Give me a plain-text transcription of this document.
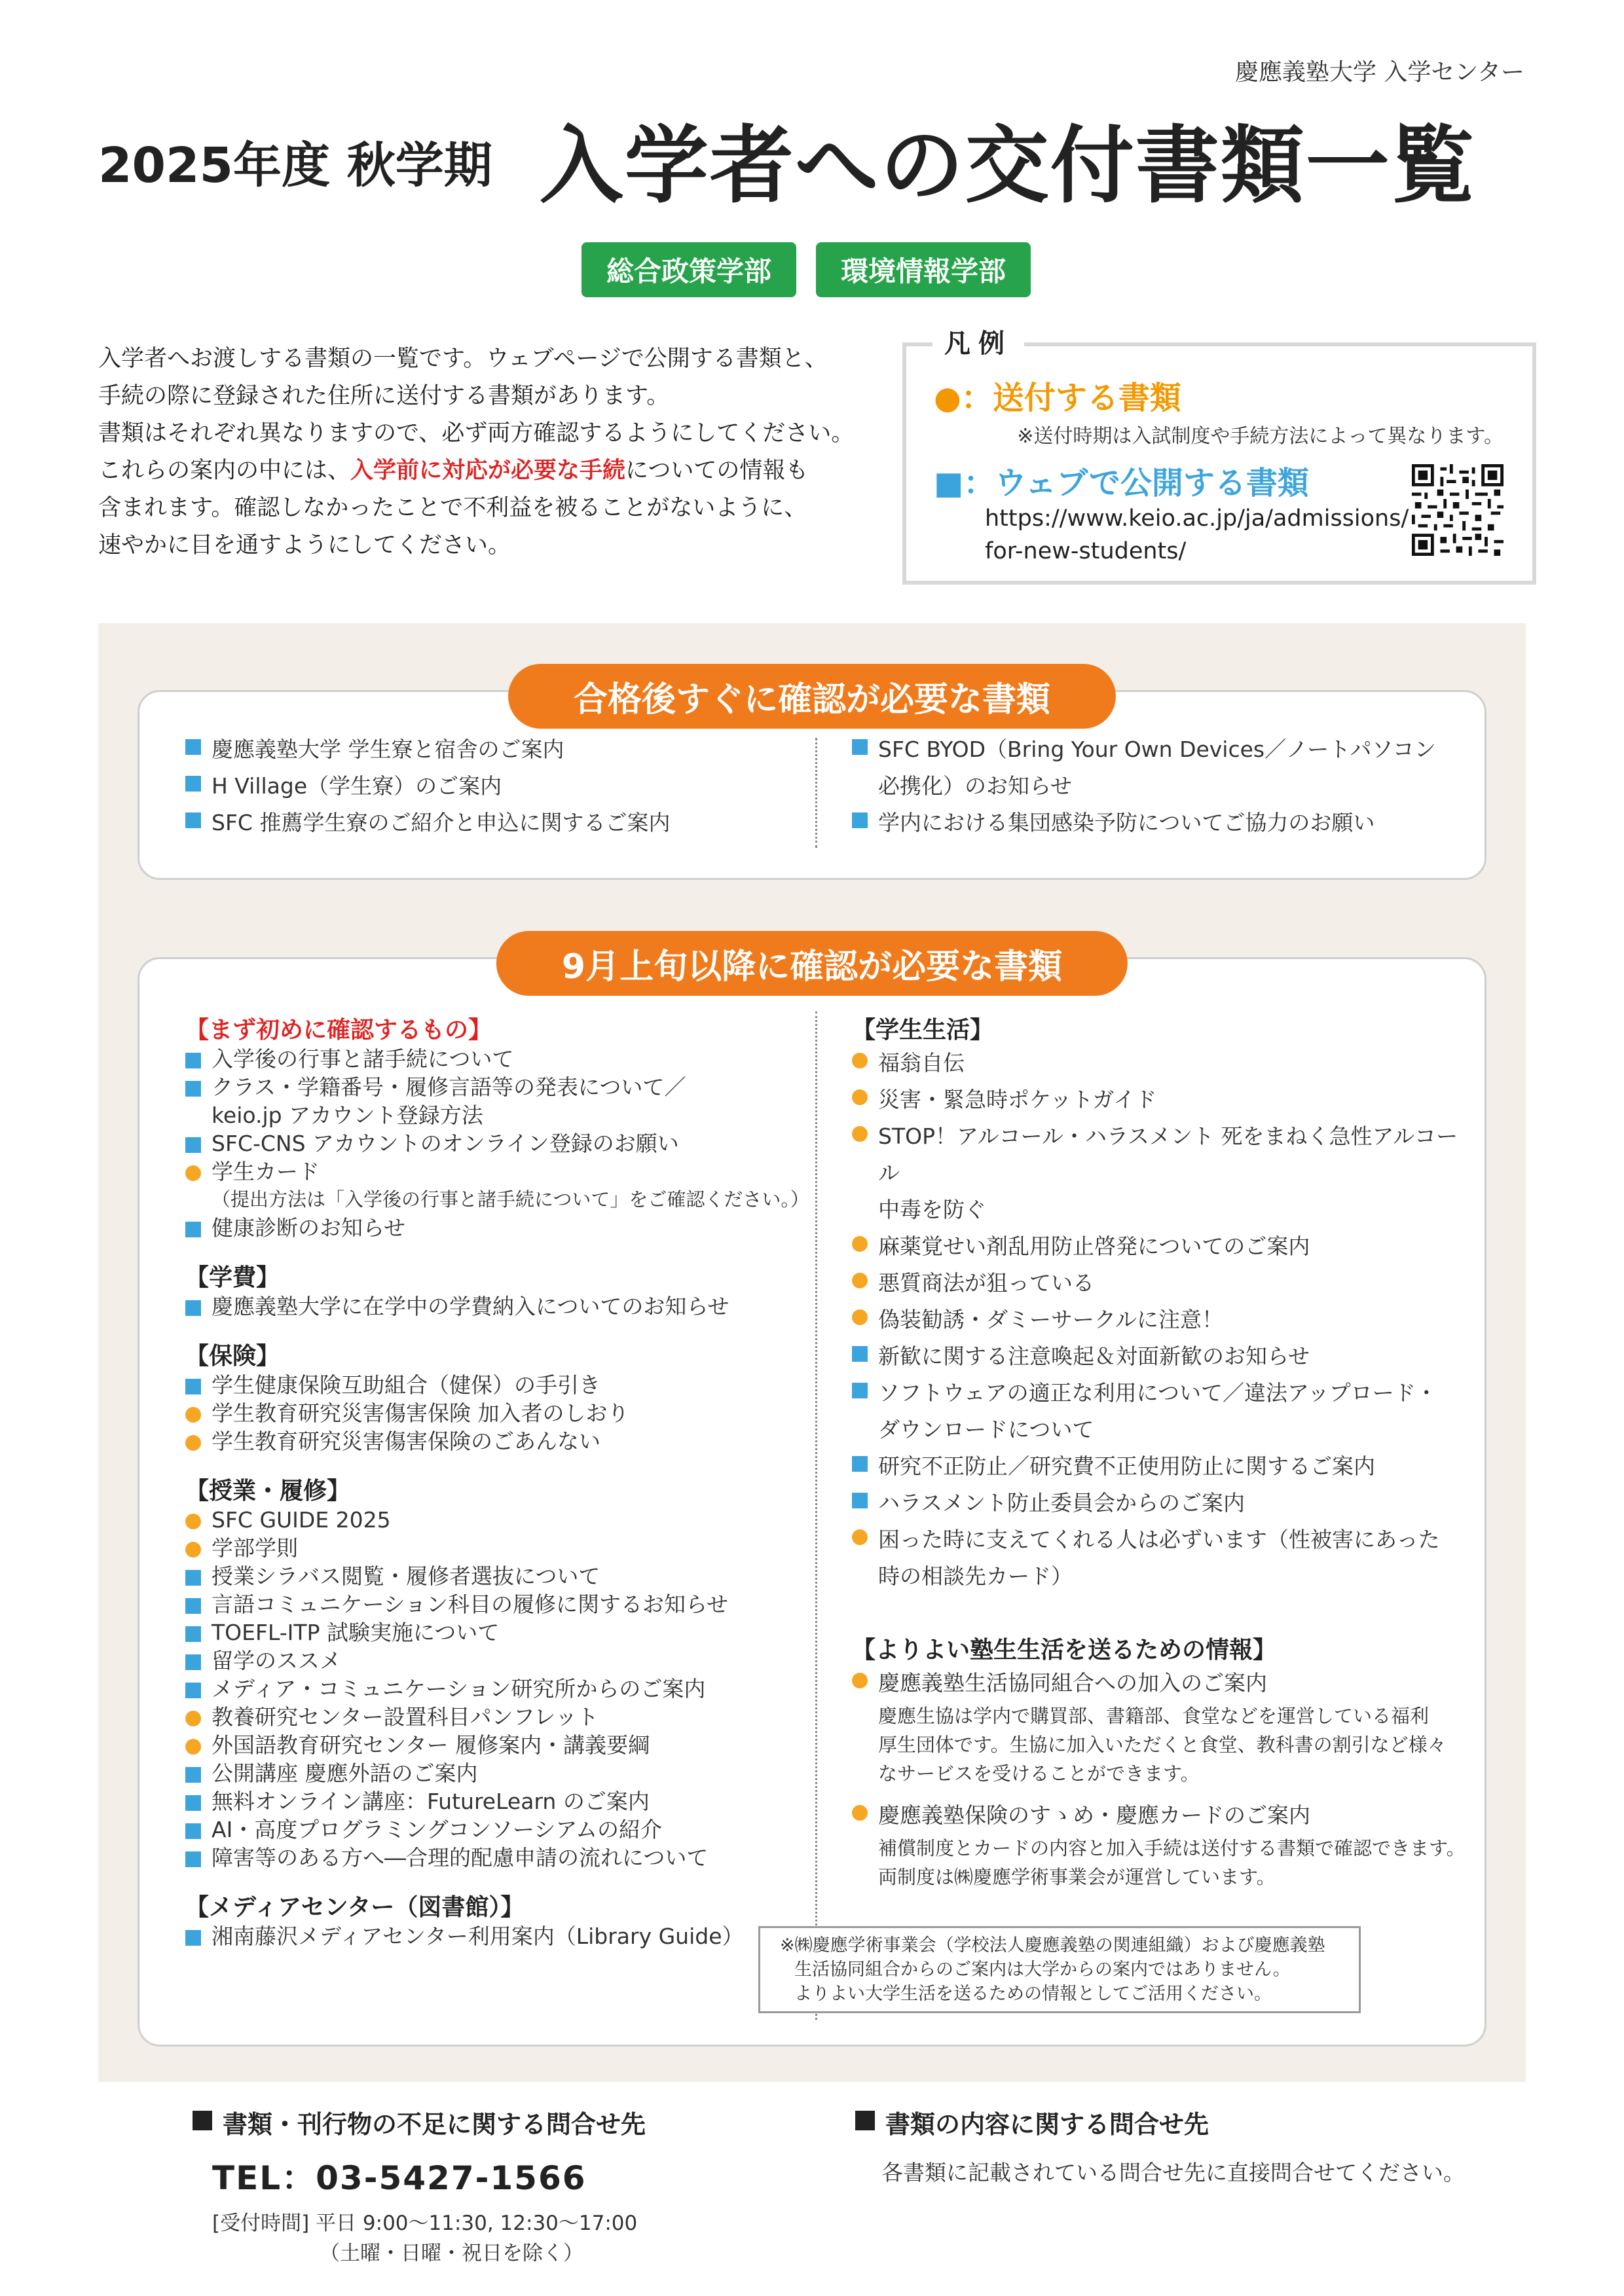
慶應義塾大学 入学センター
2025年度 秋学期 入学者への交付書類一覧
総合政策学部	環境情報学部
入学者へお渡しする書類の一覧です。ウェブページで公開する書類と、
手続の際に登録された住所に送付する書類があります。
書類はそれぞれ異なりますので、必ず両方確認するようにしてください。
これらの案内の中には、入学前に対応が必要な手続についての情報も
含まれます。確認しなかったことで不利益を被ることがないように、
速やかに目を通すようにしてください。
凡例
●：送付する書類
※送付時期は入試制度や手続方法によって異なります。
■：ウェブで公開する書類
https://www.keio.ac.jp/ja/admissions/
for-new-students/
慶應義塾大学 学生寮と宿舎のご案内
H Village（学生寮）のご案内
SFC 推薦学生寮のご紹介と申込に関するご案内
SFC BYOD（Bring Your Own Devices／ノートパソコン
必携化）のお知らせ
学内における集団感染予防についてご協力のお願い
合格後すぐに確認が必要な書類
【まず初めに確認するもの】
入学後の行事と諸手続について
クラス・学籍番号・履修言語等の発表について／
keio.jp アカウント登録方法
SFC-CNS アカウントのオンライン登録のお願い
学生カード
（提出方法は「入学後の行事と諸手続について」をご確認ください。）
健康診断のお知らせ
【学費】
慶應義塾大学に在学中の学費納入についてのお知らせ
【保険】
学生健康保険互助組合（健保）の手引き
学生教育研究災害傷害保険 加入者のしおり
学生教育研究災害傷害保険のごあんない
【授業・履修】
SFC GUIDE 2025
学部学則
授業シラバス閲覧・履修者選抜について
言語コミュニケーション科目の履修に関するお知らせ
TOEFL-ITP 試験実施について
留学のススメ
メディア・コミュニケーション研究所からのご案内
教養研究センター設置科目パンフレット
外国語教育研究センター 履修案内・講義要綱
公開講座 慶應外語のご案内
無料オンライン講座：FutureLearn のご案内
AI・高度プログラミングコンソーシアムの紹介
障害等のある方へ―合理的配慮申請の流れについて
【メディアセンター（図書館）】
湘南藤沢メディアセンター利用案内（Library Guide）
【学生生活】
福翁自伝
災害・緊急時ポケットガイド
STOP！アルコール・ハラスメント 死をまねく急性アルコール
中毒を防ぐ
麻薬覚せい剤乱用防止啓発についてのご案内
悪質商法が狙っている
偽装勧誘・ダミーサークルに注意！
新歓に関する注意喚起＆対面新歓のお知らせ
ソフトウェアの適正な利用について／違法アップロード・
ダウンロードについて
研究不正防止／研究費不正使用防止に関するご案内
ハラスメント防止委員会からのご案内
困った時に支えてくれる人は必ずいます（性被害にあった
時の相談先カード）
【よりよい塾生生活を送るための情報】
慶應義塾生活協同組合への加入のご案内
慶應生協は学内で購買部、書籍部、食堂などを運営している福利
厚生団体です。生協に加入いただくと食堂、教科書の割引など様々
なサービスを受けることができます。
慶應義塾保険のすゝめ・慶應カードのご案内
補償制度とカードの内容と加入手続は送付する書類で確認できます。
両制度は㈱慶應学術事業会が運営しています。
9月上旬以降に確認が必要な書類
※㈱慶應学術事業会（学校法人慶應義塾の関連組織）および慶應義塾
生活協同組合からのご案内は大学からの案内ではありません。
よりよい大学生活を送るための情報としてご活用ください。
書類・刊行物の不足に関する問合せ先
TEL：03-5427-1566
[受付時間] 平日 9:00〜11:30, 12:30〜17:00
（土曜・日曜・祝日を除く）
書類の内容に関する問合せ先
各書類に記載されている問合せ先に直接問合せてください。
